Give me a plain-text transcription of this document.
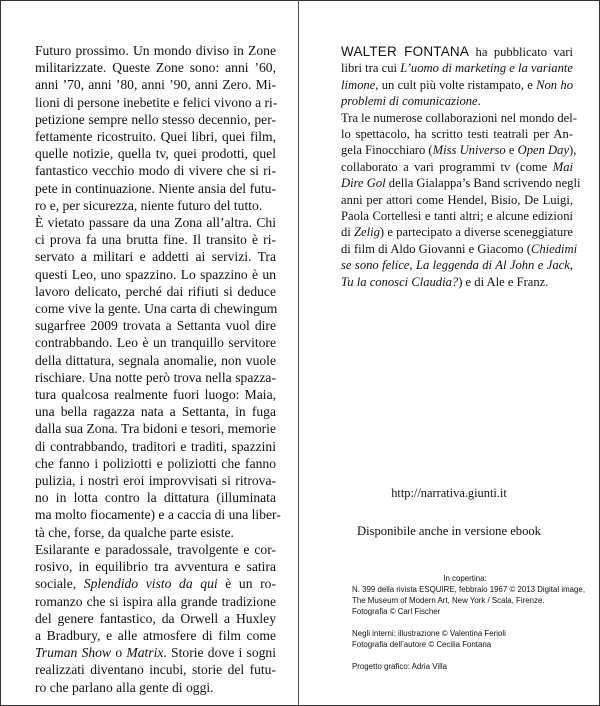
Futuro prossimo. Un mondo diviso in Zone
militarizzate. Queste Zone sono: anni ’60,
anni ’70, anni ’80, anni ’90, anni Zero. Mi-
lioni di persone inebetite e felici vivono a ri-
petizione sempre nello stesso decennio, per-
fettamente ricostruito. Quei libri, quei film,
quelle notizie, quella tv, quei prodotti, quel
fantastico vecchio modo di vivere che si ri-
pete in continuazione. Niente ansia del futu-
ro e, per sicurezza, niente futuro del tutto.
È vietato passare da una Zona all’altra. Chi
ci prova fa una brutta fine. Il transito è ri-
servato a militari e addetti ai servizi. Tra
questi Leo, uno spazzino. Lo spazzino è un
lavoro delicato, perché dai rifiuti si deduce
come vive la gente. Una carta di chewingum
sugarfree 2009 trovata a Settanta vuol dire
contrabbando. Leo è un tranquillo servitore
della dittatura, segnala anomalie, non vuole
rischiare. Una notte però trova nella spazza-
tura qualcosa realmente fuori luogo: Maia,
una bella ragazza nata a Settanta, in fuga
dalla sua Zona. Tra bidoni e tesori, memorie
di contrabbando, traditori e traditi, spazzini
che fanno i poliziotti e poliziotti che fanno
pulizia, i nostri eroi improvvisati si ritrova-
no in lotta contro la dittatura (illuminata
ma molto fiocamente) e a caccia di una liber-
tà che, forse, da qualche parte esiste.
Esilarante e paradossale, travolgente e cor-
rosivo, in equilibrio tra avventura e satira
sociale, Splendido visto da qui è un ro-
romanzo che si ispira alla grande tradizione
del genere fantastico, da Orwell a Huxley
a Bradbury, e alle atmosfere di film come
Truman Show o Matrix. Storie dove i sogni
realizzati diventano incubi, storie del futu-
ro che parlano alla gente di oggi.
WALTER FONTANA ha pubblicato vari
libri tra cui L’uomo di marketing e la variante
limone, un cult più volte ristampato, e Non ho
problemi di comunicazione.
Tra le numerose collaborazioni nel mondo del-
lo spettacolo, ha scritto testi teatrali per An-
gela Finocchiaro (Miss Universo e Open Day),
collaborato a vari programmi tv (come Mai
Dire Gol della Gialappa’s Band scrivendo negli
anni per attori come Hendel, Bisio, De Luigi,
Paola Cortellesi e tanti altri; e alcune edizioni
di Zelig) e partecipato a diverse sceneggiature
di film di Aldo Giovanni e Giacomo (Chiedimi
se sono felice, La leggenda di Al John e Jack,
Tu la conosci Claudia?) e di Ale e Franz.
http://narrativa.giunti.it
Disponibile anche in versione ebook
In copertina:
N. 399 della rivista ESQUIRE, febbraio 1967 © 2013 Digital image,
The Museum of Modern Art, New York / Scala, Firenze.
Fotografia © Carl Fischer
Negli interni: illustrazione © Valentina Ferioli
Fotografia dell’autore © Cecilia Fontana
Progetto grafico: Adria Villa
